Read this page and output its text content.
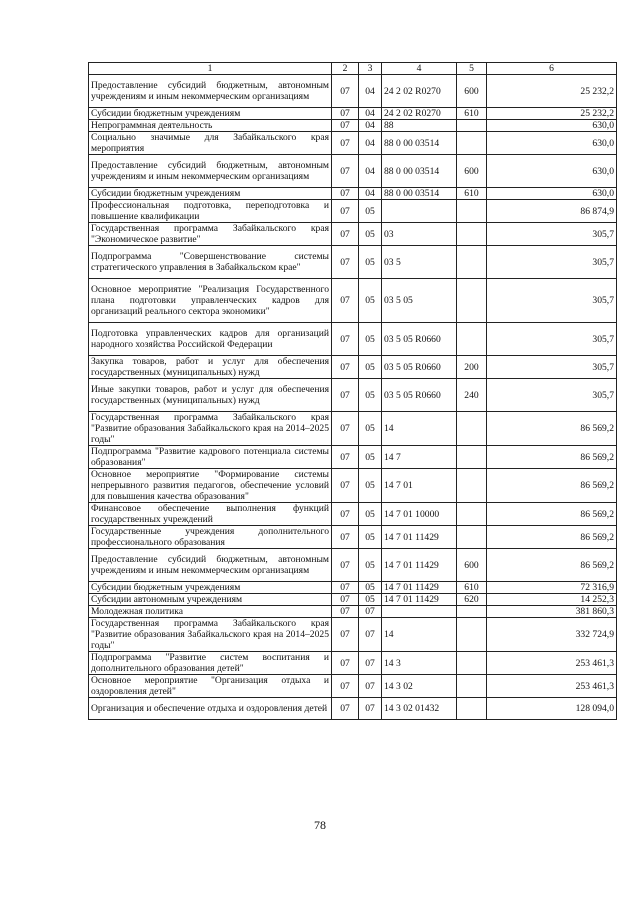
1	2	3	4	5	6
Предоставление субсидий бюджетным, автономным учреждениям и иным некоммерческим организациям	07	04	24 2 02 R0270	600	25 232,2
Субсидии бюджетным учреждениям	07	04	24 2 02 R0270	610	25 232,2
Непрограммная деятельность	07	04	88		630,0
Социально значимые для Забайкальского края мероприятия	07	04	88 0 00 03514		630,0
Предоставление субсидий бюджетным, автономным учреждениям и иным некоммерческим организациям	07	04	88 0 00 03514	600	630,0
Субсидии бюджетным учреждениям	07	04	88 0 00 03514	610	630,0
Профессиональная подготовка, переподготовка и повышение квалификации	07	05			86 874,9
Государственная программа Забайкальского края "Экономическое развитие"	07	05	03		305,7
Подпрограмма "Совершенствование системы стратегического управления в Забайкальском крае"	07	05	03 5		305,7
Основное мероприятие "Реализация Государственного плана подготовки управленческих кадров для организаций реального сектора экономики"	07	05	03 5 05		305,7
Подготовка управленческих кадров для организаций народного хозяйства Российской Федерации	07	05	03 5 05 R0660		305,7
Закупка товаров, работ и услуг для обеспечения государственных (муниципальных) нужд	07	05	03 5 05 R0660	200	305,7
Иные закупки товаров, работ и услуг для обеспечения государственных (муниципальных) нужд	07	05	03 5 05 R0660	240	305,7
Государственная программа Забайкальского края "Развитие образования Забайкальского края на 2014–2025 годы"	07	05	14		86 569,2
Подпрограмма "Развитие кадрового потенциала системы образования"	07	05	14 7		86 569,2
Основное мероприятие "Формирование системы непрерывного развития педагогов, обеспечение условий для повышения качества образования"	07	05	14 7 01		86 569,2
Финансовое обеспечение выполнения функций государственных учреждений	07	05	14 7 01 10000		86 569,2
Государственные учреждения дополнительного профессионального образования	07	05	14 7 01 11429		86 569,2
Предоставление субсидий бюджетным, автономным учреждениям и иным некоммерческим организациям	07	05	14 7 01 11429	600	86 569,2
Субсидии бюджетным учреждениям	07	05	14 7 01 11429	610	72 316,9
Субсидии автономным учреждениям	07	05	14 7 01 11429	620	14 252,3
Молодежная политика	07	07			381 860,3
Государственная программа Забайкальского края "Развитие образования Забайкальского края на 2014–2025 годы"	07	07	14		332 724,9
Подпрограмма "Развитие систем воспитания и дополнительного образования детей"	07	07	14 3		253 461,3
Основное мероприятие "Организация отдыха и оздоровления детей"	07	07	14 3 02		253 461,3
Организация и обеспечение отдыха и оздоровления детей	07	07	14 3 02 01432		128 094,0
78
